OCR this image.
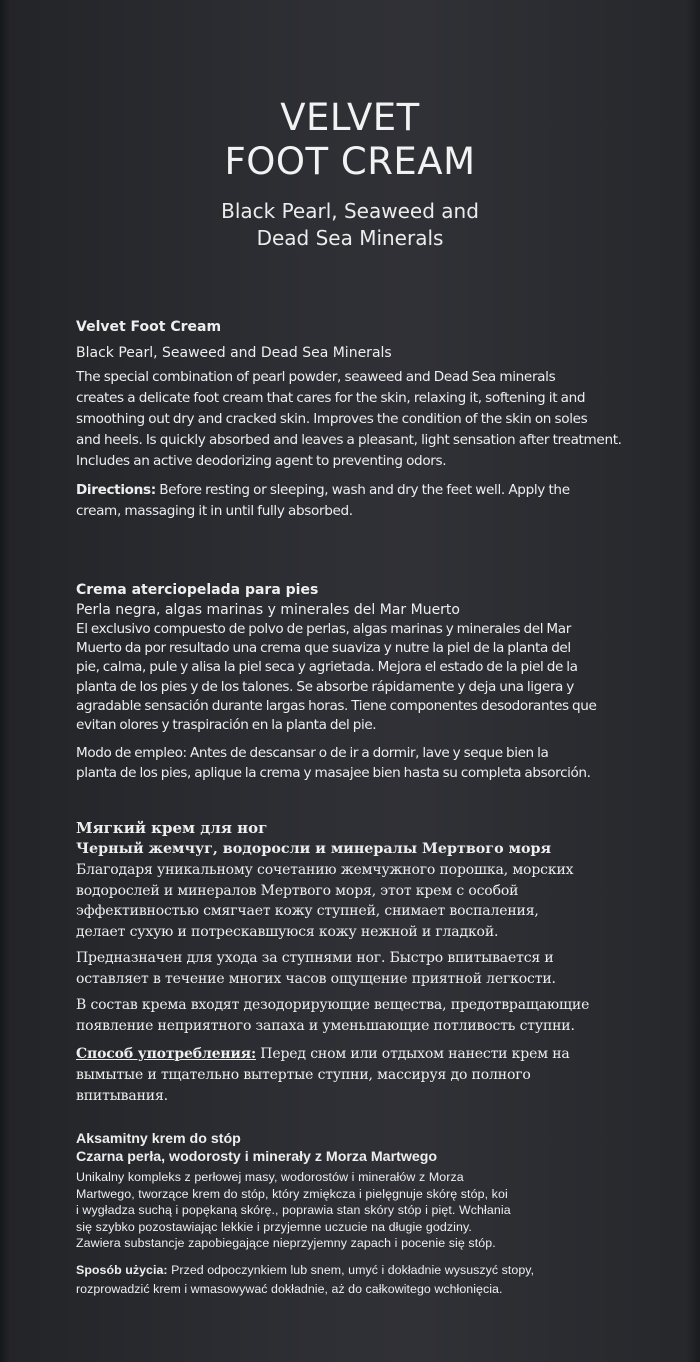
VELVET
FOOT CREAM
Black Pearl, Seaweed and
Dead Sea Minerals

Velvet Foot Cream

Black Pearl, Seaweed and Dead Sea Minerals

The special combination of pearl powder, seaweed and Dead Sea minerals
creates a delicate foot cream that cares for the skin, relaxing it, softening it and
smoothing out dry and cracked skin. Improves the condition of the skin on soles
and heels. Is quickly absorbed and leaves a pleasant, light sensation after treatment.
Includes an active deodorizing agent to preventing odors.

Directions: Before resting or sleeping, wash and dry the feet well. Apply the
cream, massaging it in until fully absorbed.

Crema aterciopelada para pies

Perla negra, algas marinas y minerales del Mar Muerto

El exclusivo compuesto de polvo de perlas, algas marinas y minerales del Mar
Muerto da por resultado una crema que suaviza y nutre la piel de la planta del
pie, calma, pule y alisa la piel seca y agrietada. Mejora el estado de la piel de la
planta de los pies y de los talones. Se absorbe rápidamente y deja una ligera y
agradable sensación durante largas horas. Tiene componentes desodorantes que
evitan olores y traspiración en la planta del pie.

Modo de empleo: Antes de descansar o de ir a dormir, lave y seque bien la
planta de los pies, aplique la crema y masajee bien hasta su completa absorción.

Мягкий крем для ног

Черный жемчуг, водоросли и минералы Мертвого моря

Благодаря уникальному сочетанию жемчужного порошка, морских
водорослей и минералов Мертвого моря, этот крем с особой
эффективностью смягчает кожу ступней, снимает воспаления,
делает сухую и потрескавшуюся кожу нежной и гладкой.

Предназначен для ухода за ступнями ног. Быстро впитывается и
оставляет в течение многих часов ощущение приятной легкости.

В состав крема входят дезодорирующие вещества, предотвращающие
появление неприятного запаха и уменьшающие потливость ступни.

Способ употребления: Перед сном или отдыхом нанести крем на
вымытые и тщательно вытертые ступни, массируя до полного
впитывания.

Aksamitny krem do stóp

Czarna perła, wodorosty i minerały z Morza Martwego

Unikalny kompleks z perłowej masy, wodorostów i minerałów z Morza
Martwego, tworzące krem do stóp, który zmiękcza i pielęgnuje skórę stóp, koi
i wygładza suchą i popękaną skórę., poprawia stan skóry stóp i pięt. Wchłania
się szybko pozostawiając lekkie i przyjemne uczucie na długie godziny.
Zawiera substancje zapobiegające nieprzyjemny zapach i pocenie się stóp.

Sposób użycia: Przed odpoczynkiem lub snem, umyć i dokładnie wysuszyć stopy,
rozprowadzić krem i wmasowywać dokładnie, aż do całkowitego wchłonięcia.
